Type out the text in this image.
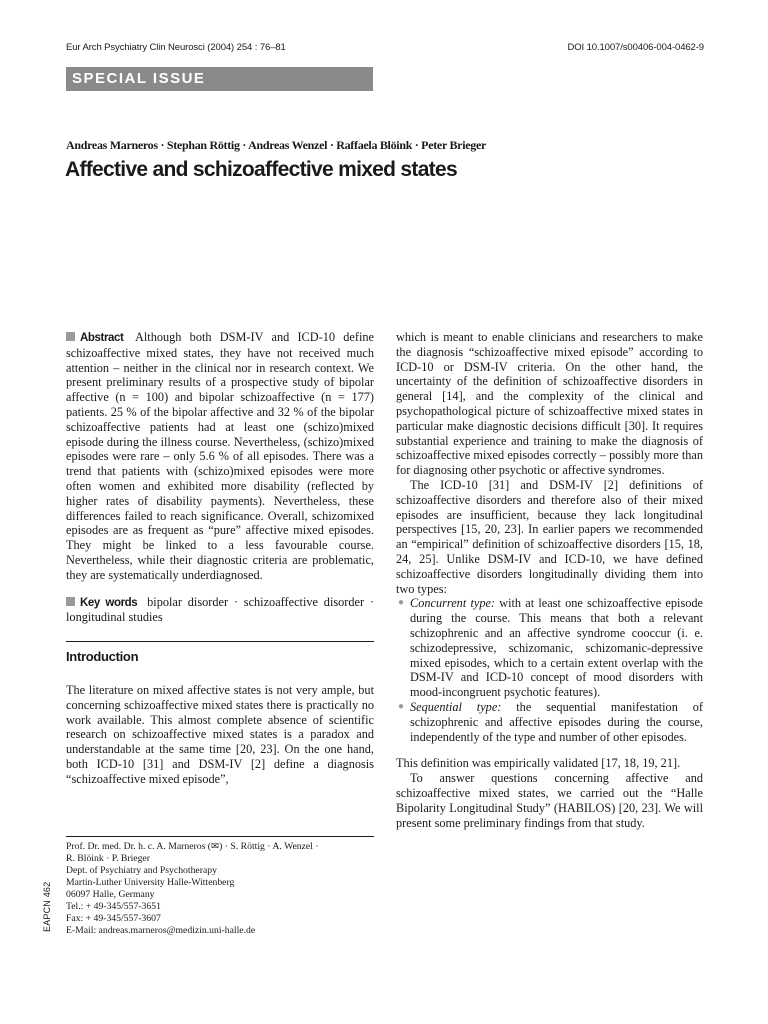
Eur Arch Psychiatry Clin Neurosci (2004) 254 : 76–81	DOI 10.1007/s00406-004-0462-9
SPECIAL ISSUE
Andreas Marneros · Stephan Röttig · Andreas Wenzel · Raffaela Blöink · Peter Brieger
Affective and schizoaffective mixed states

Abstract Although both DSM-IV and ICD-10 define schizoaffective mixed states, they have not received much attention – neither in the clinical nor in research context. We present preliminary results of a prospective study of bipolar affective (n = 100) and bipolar schizoaffective (n = 177) patients. 25 % of the bipolar affective and 32 % of the bipolar schizoaffective patients had at least one (schizo)mixed episode during the illness course. Nevertheless, (schizo)mixed episodes were rare – only 5.6 % of all episodes. There was a trend that patients with (schizo)mixed episodes were more often women and exhibited more disability (reflected by higher rates of disability payments). Nevertheless, these differences failed to reach significance. Overall, schizomixed episodes are as frequent as “pure” affective mixed episodes. They might be linked to a less favourable course. Nevertheless, while their diagnostic criteria are problematic, they are systematically underdiagnosed.

Key words bipolar disorder · schizoaffective disorder · longitudinal studies

Introduction

The literature on mixed affective states is not very ample, but concerning schizoaffective mixed states there is practically no work available. This almost complete absence of scientific research on schizoaffective mixed states is a paradox and understandable at the same time [20, 23]. On the one hand, both ICD-10 [31] and DSM-IV [2] define a diagnosis “schizoaffective mixed episode”,

which is meant to enable clinicians and researchers to make the diagnosis “schizoaffective mixed episode” according to ICD-10 or DSM-IV criteria. On the other hand, the uncertainty of the definition of schizoaffective disorders in general [14], and the complexity of the clinical and psychopathological picture of schizoaffective mixed states in particular make diagnostic decisions difficult [30]. It requires substantial experience and training to make the diagnosis of schizoaffective mixed episodes correctly – possibly more than for diagnosing other psychotic or affective syndromes.

The ICD-10 [31] and DSM-IV [2] definitions of schizoaffective disorders and therefore also of their mixed episodes are insufficient, because they lack longitudinal perspectives [15, 20, 23]. In earlier papers we recommended an “empirical” definition of schizoaffective disorders [15, 18, 24, 25]. Unlike DSM-IV and ICD-10, we have defined schizoaffective disorders longitudinally dividing them into two types:

● Concurrent type: with at least one schizoaffective episode during the course. This means that both a relevant schizophrenic and an affective syndrome cooccur (i. e. schizodepressive, schizomanic, schizomanic-depressive mixed episodes, which to a certain extent overlap with the DSM-IV and ICD-10 concept of mood disorders with mood-incongruent psychotic features).
● Sequential type: the sequential manifestation of schizophrenic and affective episodes during the course, independently of the type and number of other episodes.

This definition was empirically validated [17, 18, 19, 21].

To answer questions concerning affective and schizoaffective mixed states, we carried out the “Halle Bipolarity Longitudinal Study” (HABILOS) [20, 23]. We will present some preliminary findings from that study.

Prof. Dr. med. Dr. h. c. A. Marneros (✉) · S. Röttig · A. Wenzel ·
R. Blöink · P. Brieger
Dept. of Psychiatry and Psychotherapy
Martin-Luther University Halle-Wittenberg
06097 Halle, Germany
Tel.: + 49-345/557-3651
Fax: + 49-345/557-3607
E-Mail: andreas.marneros@medizin.uni-halle.de
EAPCN 462
